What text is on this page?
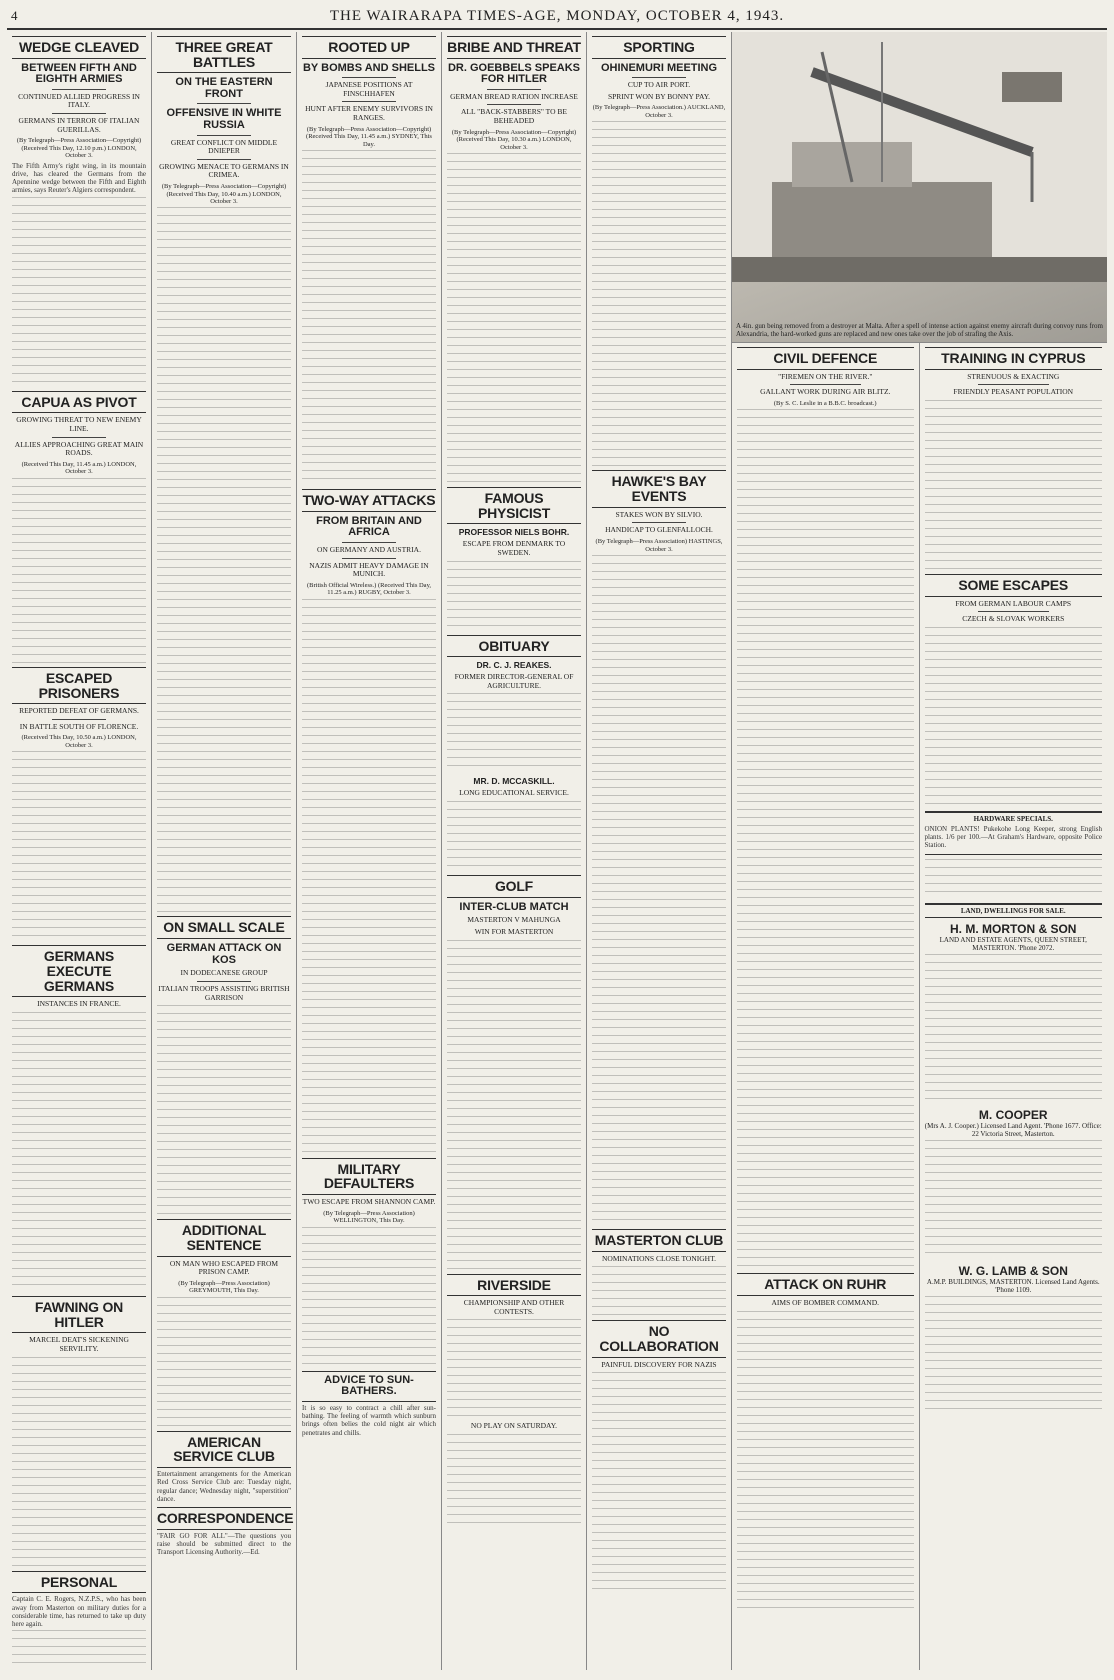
4	THE WAIRARAPA TIMES-AGE, MONDAY, OCTOBER 4, 1943.
WEDGE CLEAVED
BETWEEN FIFTH AND EIGHTH ARMIES
CONTINUED ALLIED PROGRESS IN ITALY.
GERMANS IN TERROR OF ITALIAN GUERILLAS.
(By Telegraph—Press Association—Copyright) (Received This Day, 12.10 p.m.) LONDON, October 3.
The Fifth Army's right wing, in its mountain drive, has cleared the Germans from the Apennine wedge between the Fifth and Eighth armies, says Reuter's Algiers correspondent.
CAPUA AS PIVOT
GROWING THREAT TO NEW ENEMY LINE.
ALLIES APPROACHING GREAT MAIN ROADS.
(Received This Day, 11.45 a.m.) LONDON, October 3.
ESCAPED PRISONERS
REPORTED DEFEAT OF GERMANS.
IN BATTLE SOUTH OF FLORENCE.
(Received This Day, 10.50 a.m.) LONDON, October 3.
GERMANS EXECUTE GERMANS
INSTANCES IN FRANCE.
FAWNING ON HITLER
MARCEL DEAT'S SICKENING SERVILITY.
PERSONAL
Captain C. E. Rogers, N.Z.P.S., who has been away from Masterton on military duties for a considerable time, has returned to take up duty here again.
THREE GREAT BATTLES
ON THE EASTERN FRONT
OFFENSIVE IN WHITE RUSSIA
GREAT CONFLICT ON MIDDLE DNIEPER
GROWING MENACE TO GERMANS IN CRIMEA.
(By Telegraph—Press Association—Copyright) (Received This Day, 10.40 a.m.) LONDON, October 3.
ON SMALL SCALE
GERMAN ATTACK ON KOS
IN DODECANESE GROUP
ITALIAN TROOPS ASSISTING BRITISH GARRISON
ADDITIONAL SENTENCE
ON MAN WHO ESCAPED FROM PRISON CAMP.
(By Telegraph—Press Association) GREYMOUTH, This Day.
AMERICAN SERVICE CLUB
Entertainment arrangements for the American Red Cross Service Club are: Tuesday night, regular dance; Wednesday night, "superstition" dance.
CORRESPONDENCE
"FAIR GO FOR ALL"—The questions you raise should be submitted direct to the Transport Licensing Authority.—Ed.
ROOTED UP
BY BOMBS AND SHELLS
JAPANESE POSITIONS AT FINSCHHAFEN
HUNT AFTER ENEMY SURVIVORS IN RANGES.
(By Telegraph—Press Association—Copyright) (Received This Day, 11.45 a.m.) SYDNEY, This Day.
TWO-WAY ATTACKS
FROM BRITAIN AND AFRICA
ON GERMANY AND AUSTRIA.
NAZIS ADMIT HEAVY DAMAGE IN MUNICH.
(British Official Wireless.) (Received This Day, 11.25 a.m.) RUGBY, October 3.
MILITARY DEFAULTERS
TWO ESCAPE FROM SHANNON CAMP.
(By Telegraph—Press Association) WELLINGTON, This Day.
ADVICE TO SUN-BATHERS.
It is so easy to contract a chill after sun-bathing. The feeling of warmth which sunburn brings often belies the cold night air which penetrates and chills.
BRIBE AND THREAT
DR. GOEBBELS SPEAKS FOR HITLER
GERMAN BREAD RATION INCREASE
ALL "BACK-STABBERS" TO BE BEHEADED
(By Telegraph—Press Association—Copyright) (Received This Day, 10.30 a.m.) LONDON, October 3.
FAMOUS PHYSICIST
PROFESSOR NIELS BOHR.
ESCAPE FROM DENMARK TO SWEDEN.
OBITUARY
DR. C. J. REAKES.
FORMER DIRECTOR-GENERAL OF AGRICULTURE.
MR. D. MCCASKILL.
LONG EDUCATIONAL SERVICE.
GOLF
INTER-CLUB MATCH
MASTERTON V MAHUNGA
WIN FOR MASTERTON
RIVERSIDE
CHAMPIONSHIP AND OTHER CONTESTS.
NO PLAY ON SATURDAY.
SPORTING
OHINEMURI MEETING
CUP TO AIR PORT.
SPRINT WON BY BONNY PAY.
(By Telegraph—Press Association.) AUCKLAND, October 3.
HAWKE'S BAY EVENTS
STAKES WON BY SILVIO.
HANDICAP TO GLENFALLOCH.
(By Telegraph—Press Association) HASTINGS, October 3.
MASTERTON CLUB
NOMINATIONS CLOSE TONIGHT.
NO COLLABORATION
PAINFUL DISCOVERY FOR NAZIS
A 4in. gun being removed from a destroyer at Malta. After a spell of intense action against enemy aircraft during convoy runs from Alexandria, the hard-worked guns are replaced and new ones take over the job of strafing the Axis.
CIVIL DEFENCE
"FIREMEN ON THE RIVER."
GALLANT WORK DURING AIR BLITZ.
(By S. C. Leslie in a B.B.C. broadcast.)
ATTACK ON RUHR
AIMS OF BOMBER COMMAND.
TRAINING IN CYPRUS
STRENUOUS & EXACTING
FRIENDLY PEASANT POPULATION
SOME ESCAPES
FROM GERMAN LABOUR CAMPS
CZECH & SLOVAK WORKERS
HARDWARE SPECIALS.
ONION PLANTS! Pukekohe Long Keeper, strong English plants. 1/6 per 100.—At Graham's Hardware, opposite Police Station.
LAND, DWELLINGS FOR SALE.
H. M. MORTON & SON
LAND AND ESTATE AGENTS, QUEEN STREET, MASTERTON. 'Phone 2072.
M. COOPER
(Mrs A. J. Cooper.) Licensed Land Agent. 'Phone 1677. Office: 22 Victoria Street, Masterton.
W. G. LAMB & SON
A.M.P. BUILDINGS, MASTERTON. Licensed Land Agents. 'Phone 1109.
